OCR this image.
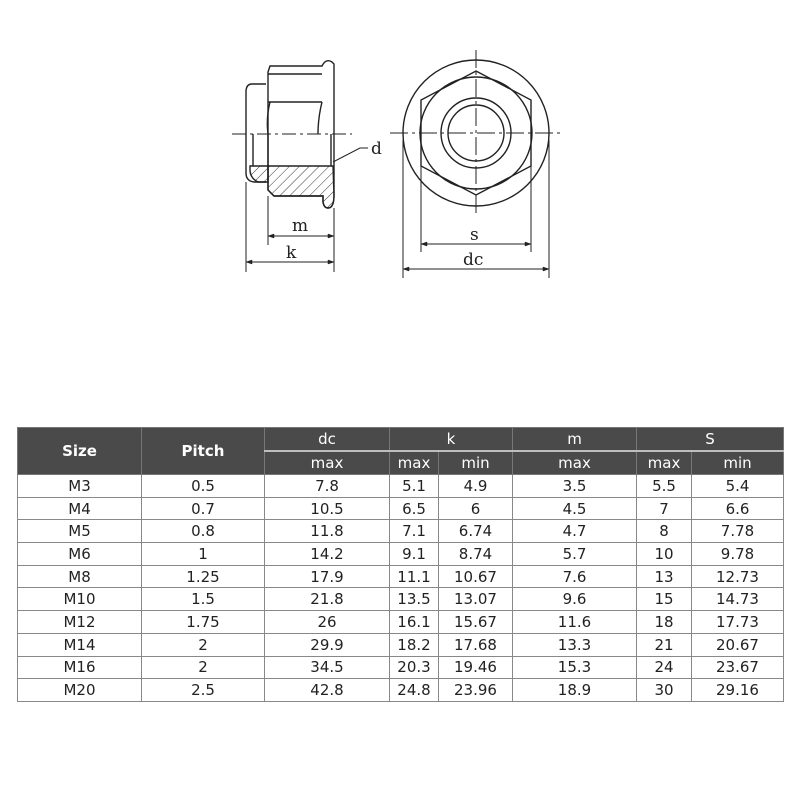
d
m
k
s
dc
Size	Pitch	dc	k		m	S	
		max	max	min	max	max	min
M3	0.5	7.8	5.1	4.9	3.5	5.5	5.4
M4	0.7	10.5	6.5	6	4.5	7	6.6
M5	0.8	11.8	7.1	6.74	4.7	8	7.78
M6	1	14.2	9.1	8.74	5.7	10	9.78
M8	1.25	17.9	11.1	10.67	7.6	13	12.73
M10	1.5	21.8	13.5	13.07	9.6	15	14.73
M12	1.75	26	16.1	15.67	11.6	18	17.73
M14	2	29.9	18.2	17.68	13.3	21	20.67
M16	2	34.5	20.3	19.46	15.3	24	23.67
M20	2.5	42.8	24.8	23.96	18.9	30	29.16
